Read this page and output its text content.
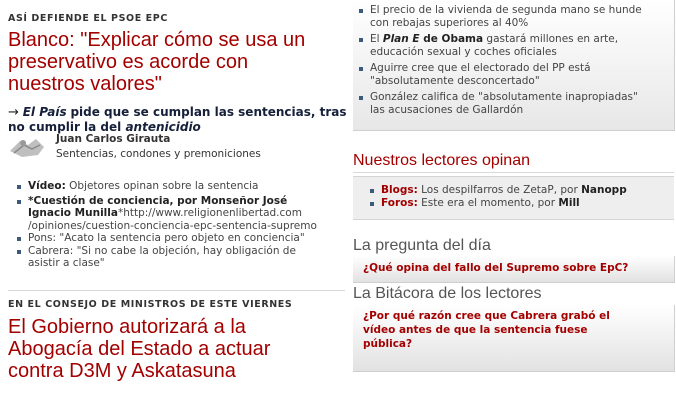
ASÍ DEFIENDE EL PSOE EPC
Blanco: "Explicar cómo se usa un
preservativo es acorde con
nuestros valores"
→ El País pide que se cumplan las sentencias, tras
no cumplir la del antenicidio
Juan Carlos Girauta
Sentencias, condones y premoniciones
Vídeo: Objetores opinan sobre la sentencia
*Cuestión de conciencia, por Monseñor José
Ignacio Munilla*http://www.religionenlibertad.com
/opiniones/cuestion-conciencia-epc-sentencia-supremo
Pons: "Acato la sentencia pero objeto en conciencia"
Cabrera: "Si no cabe la objeción, hay obligación de
asistir a clase"
EN EL CONSEJO DE MINISTROS DE ESTE VIERNES
El Gobierno autorizará a la
Abogacía del Estado a actuar
contra D3M y Askatasuna
El precio de la vivienda de segunda mano se hunde
con rebajas superiores al 40%
El Plan E de Obama gastará millones en arte,
educación sexual y coches oficiales
Aguirre cree que el electorado del PP está
"absolutamente desconcertado"
González califica de "absolutamente inapropiadas"
las acusaciones de Gallardón
Nuestros lectores opinan
Blogs: Los despilfarros de ZetaP, por Nanopp
Foros: Este era el momento, por Mill
La pregunta del día
¿Qué opina del fallo del Supremo sobre EpC?
La Bitácora de los lectores
¿Por qué razón cree que Cabrera grabó el
vídeo antes de que la sentencia fuese
pública?
